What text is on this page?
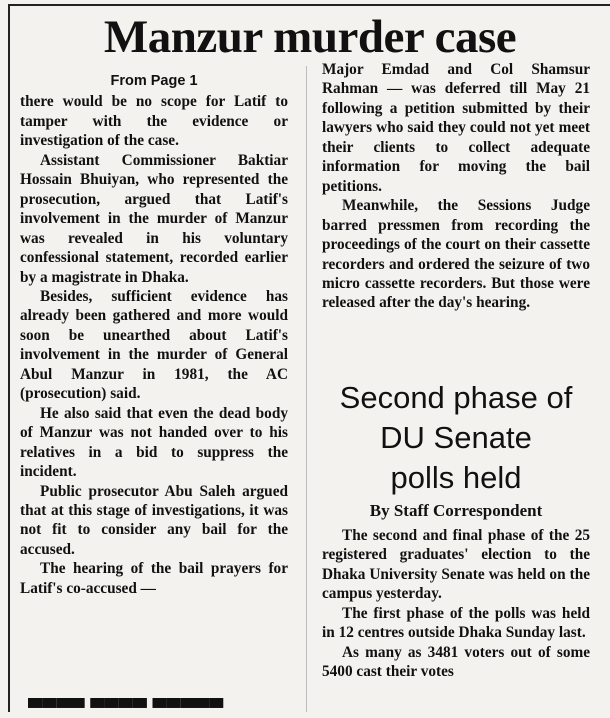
Manzur murder case

From Page 1

there would be no scope for Latif to tamper with the evidence or investigation of the case.

Assistant Commissioner Baktiar Hossain Bhuiyan, who represented the prosecution, argued that Latif's involvement in the murder of Manzur was revealed in his voluntary confessional statement, recorded earlier by a magistrate in Dhaka.

Besides, sufficient evidence has already been gathered and more would soon be unearthed about Latif's involvement in the murder of General Abul Manzur in 1981, the AC (prosecution) said.

He also said that even the dead body of Manzur was not handed over to his relatives in a bid to suppress the incident.

Public prosecutor Abu Saleh argued that at this stage of investigations, it was not fit to consider any bail for the accused.

The hearing of the bail prayers for Latif's co-accused —

Major Emdad and Col Shamsur Rahman — was deferred till May 21 following a petition submitted by their lawyers who said they could not yet meet their clients to collect adequate information for moving the bail petitions.

Meanwhile, the Sessions Judge barred pressmen from recording the proceedings of the court on their cassette recorders and ordered the seizure of two micro cassette recorders. But those were released after the day's hearing.

Second phase of
DU Senate
polls held
By Staff Correspondent

The second and final phase of the 25 registered graduates' election to the Dhaka University Senate was held on the campus yesterday.

The first phase of the polls was held in 12 centres outside Dhaka Sunday last.

As many as 3481 voters out of some 5400 cast their votes

▀▀▀▀ ▀▀▀▀ ▀▀▀▀▀
